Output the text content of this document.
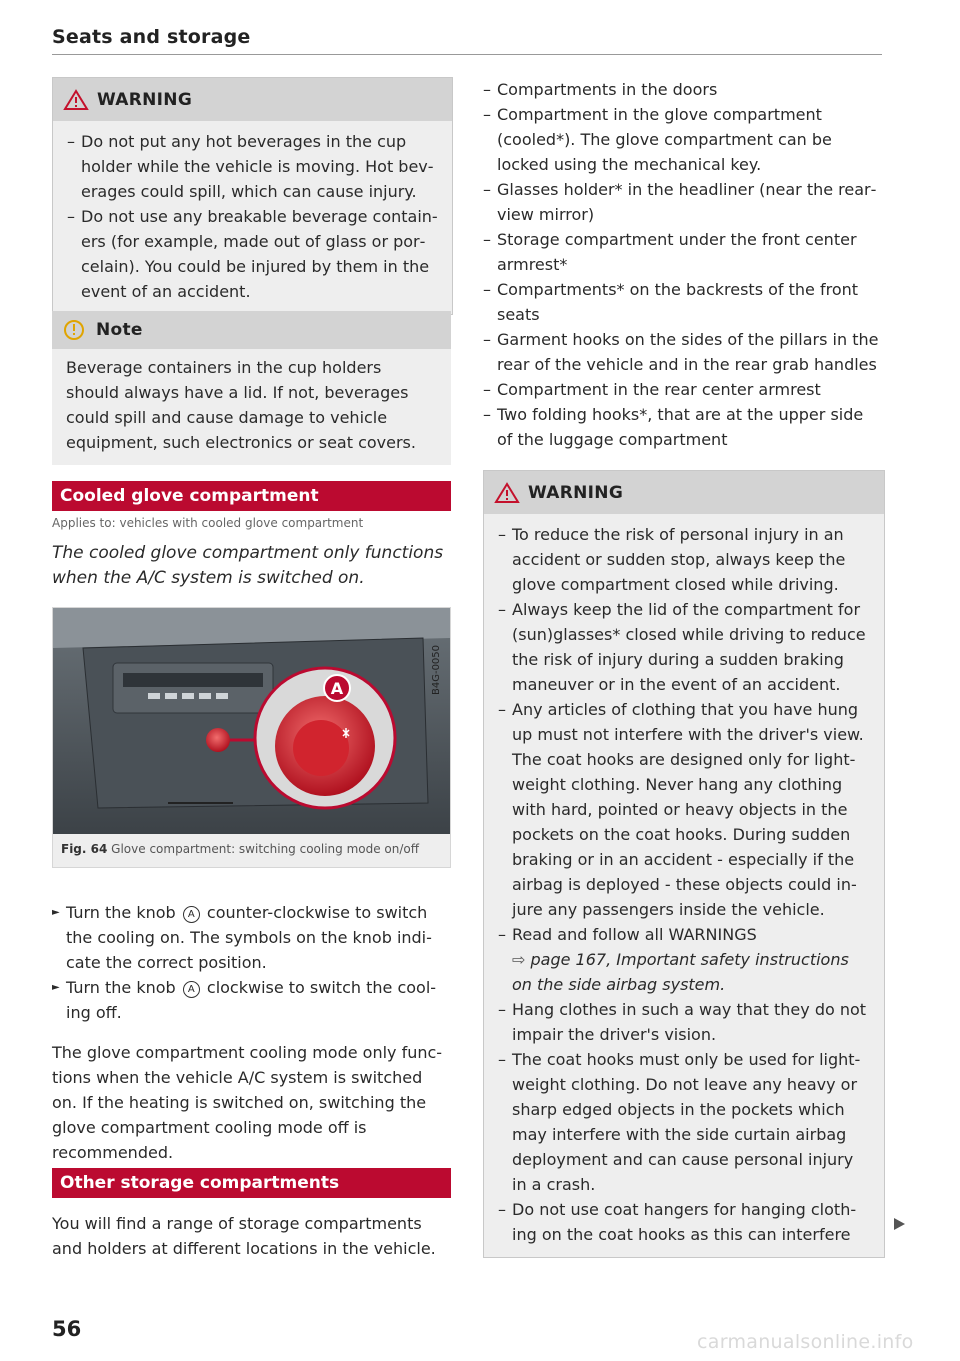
Seats and storage
WARNING
– Do not put any hot beverages in the cup holder while the vehicle is moving. Hot beverages could spill, which can cause injury.
– Do not use any breakable beverage containers (for example, made out of glass or porcelain). You could be injured by them in the event of an accident.
Note
Beverage containers in the cup holders should always have a lid. If not, beverages could spill and cause damage to vehicle equipment, such electronics or seat covers.
Cooled glove compartment
Applies to: vehicles with cooled glove compartment
The cooled glove compartment only functions when the A/C system is switched on.
A	B4G-0050
Fig. 64 Glove compartment: switching cooling mode on/off
► Turn the knob A counter-clockwise to switch the cooling on. The symbols on the knob indicate the correct position.
► Turn the knob A clockwise to switch the cooling off.
The glove compartment cooling mode only functions when the vehicle A/C system is switched on. If the heating is switched on, switching the glove compartment cooling mode off is recommended.
Other storage compartments
You will find a range of storage compartments and holders at different locations in the vehicle.
– Compartments in the doors
– Compartment in the glove compartment (cooled*). The glove compartment can be locked using the mechanical key.
– Glasses holder* in the headliner (near the rearview mirror)
– Storage compartment under the front center armrest*
– Compartments* on the backrests of the front seats
– Garment hooks on the sides of the pillars in the rear of the vehicle and in the rear grab handles
– Compartment in the rear center armrest
– Two folding hooks*, that are at the upper side of the luggage compartment
WARNING
– To reduce the risk of personal injury in an accident or sudden stop, always keep the glove compartment closed while driving.
– Always keep the lid of the compartment for (sun)glasses* closed while driving to reduce the risk of injury during a sudden braking maneuver or in the event of an accident.
– Any articles of clothing that you have hung up must not interfere with the driver's view. The coat hooks are designed only for lightweight clothing. Never hang any clothing with hard, pointed or heavy objects in the pockets on the coat hooks. During sudden braking or in an accident - especially if the airbag is deployed - these objects could injure any passengers inside the vehicle.
– Read and follow all WARNINGS
⇨ page 167, Important safety instructions on the side airbag system.
– Hang clothes in such a way that they do not impair the driver's vision.
– The coat hooks must only be used for lightweight clothing. Do not leave any heavy or sharp edged objects in the pockets which may interfere with the side curtain airbag deployment and can cause personal injury in a crash.
– Do not use coat hangers for hanging clothing on the coat hooks as this can interfere
56
carmanualsonline.info
